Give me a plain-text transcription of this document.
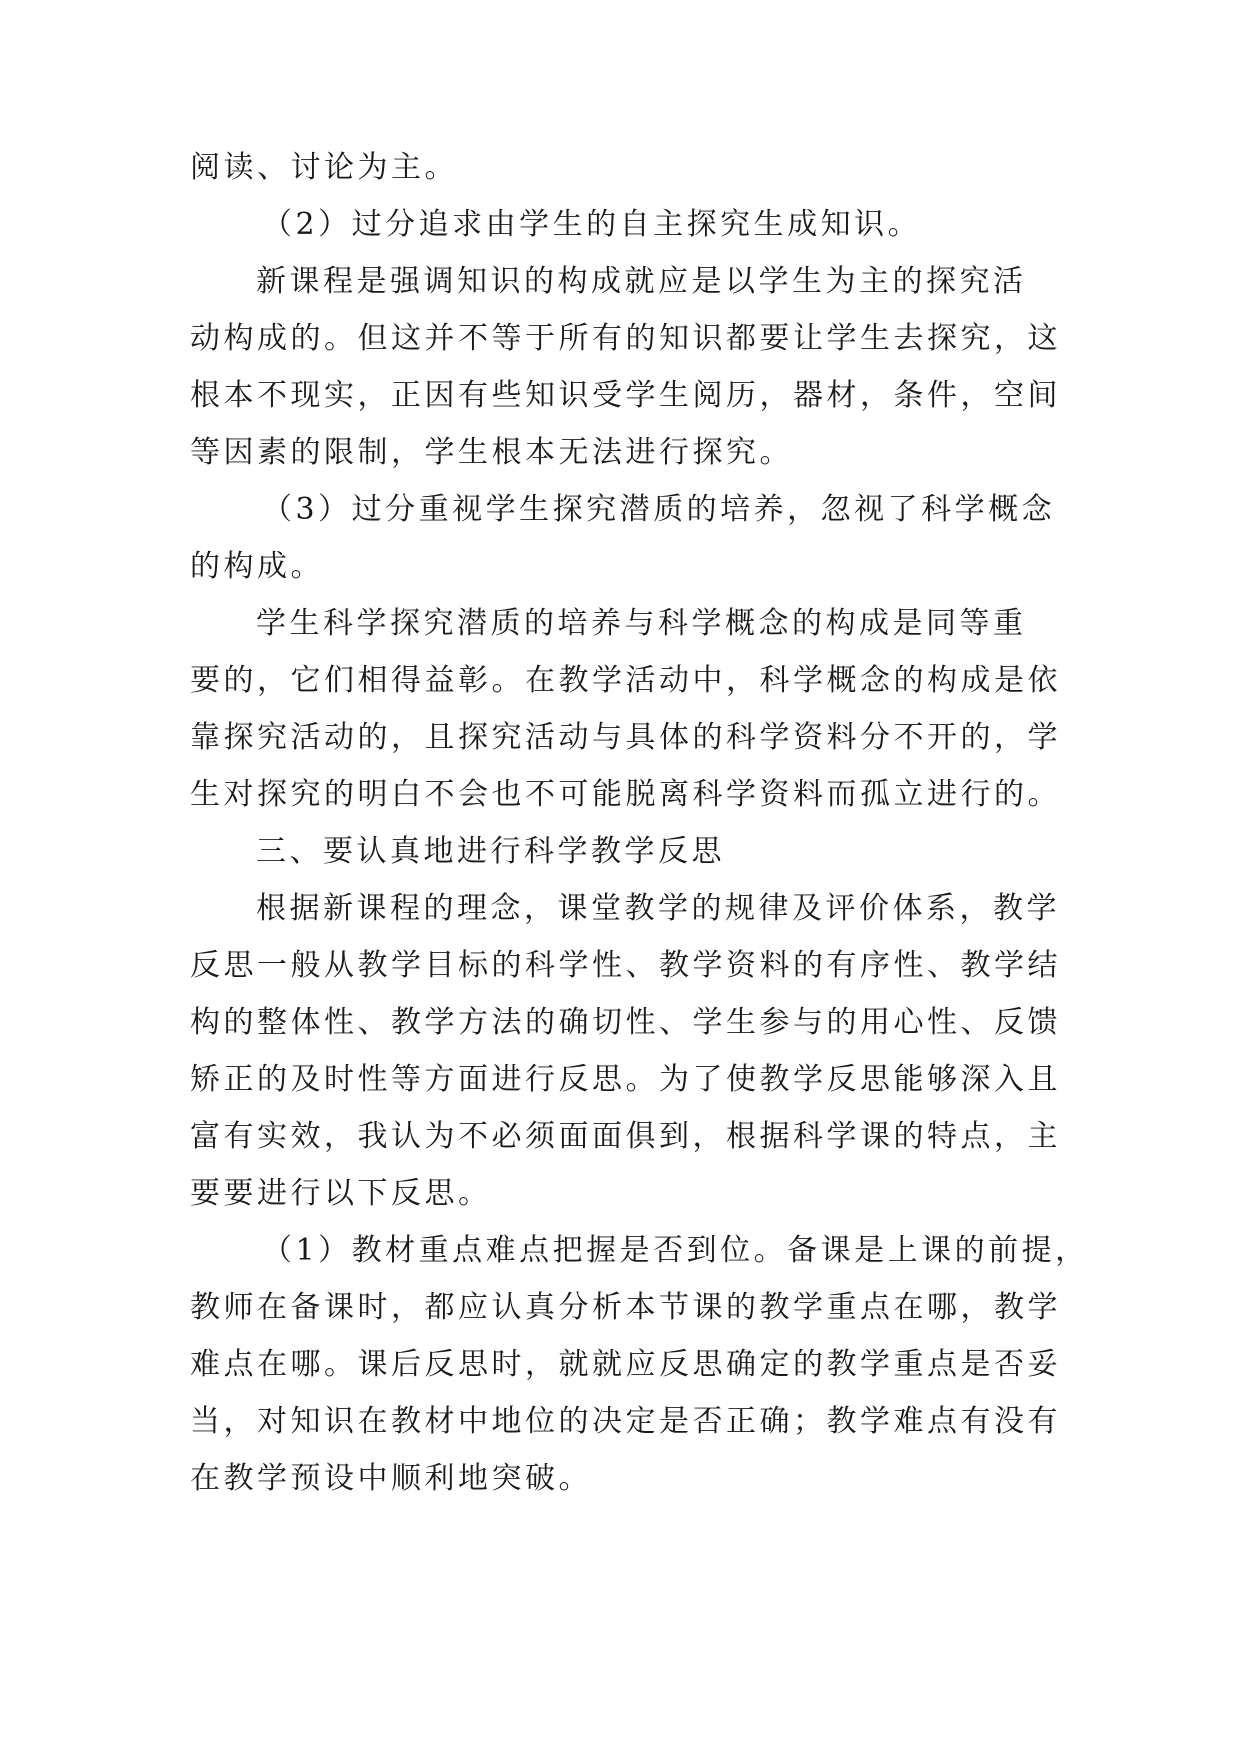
阅读、讨论为主。
（2）过分追求由学生的自主探究生成知识。
新课程是强调知识的构成就应是以学生为主的探究活
动构成的。但这并不等于所有的知识都要让学生去探究，这
根本不现实，正因有些知识受学生阅历，器材，条件，空间
等因素的限制，学生根本无法进行探究。
（3）过分重视学生探究潜质的培养，忽视了科学概念
的构成。
学生科学探究潜质的培养与科学概念的构成是同等重
要的，它们相得益彰。在教学活动中，科学概念的构成是依
靠探究活动的，且探究活动与具体的科学资料分不开的，学
生对探究的明白不会也不可能脱离科学资料而孤立进行的。
三、要认真地进行科学教学反思
根据新课程的理念，课堂教学的规律及评价体系，教学
反思一般从教学目标的科学性、教学资料的有序性、教学结
构的整体性、教学方法的确切性、学生参与的用心性、反馈
矫正的及时性等方面进行反思。为了使教学反思能够深入且
富有实效，我认为不必须面面俱到，根据科学课的特点，主
要要进行以下反思。
（1）教材重点难点把握是否到位。备课是上课的前提，
教师在备课时，都应认真分析本节课的教学重点在哪，教学
难点在哪。课后反思时，就就应反思确定的教学重点是否妥
当，对知识在教材中地位的决定是否正确；教学难点有没有
在教学预设中顺利地突破。
